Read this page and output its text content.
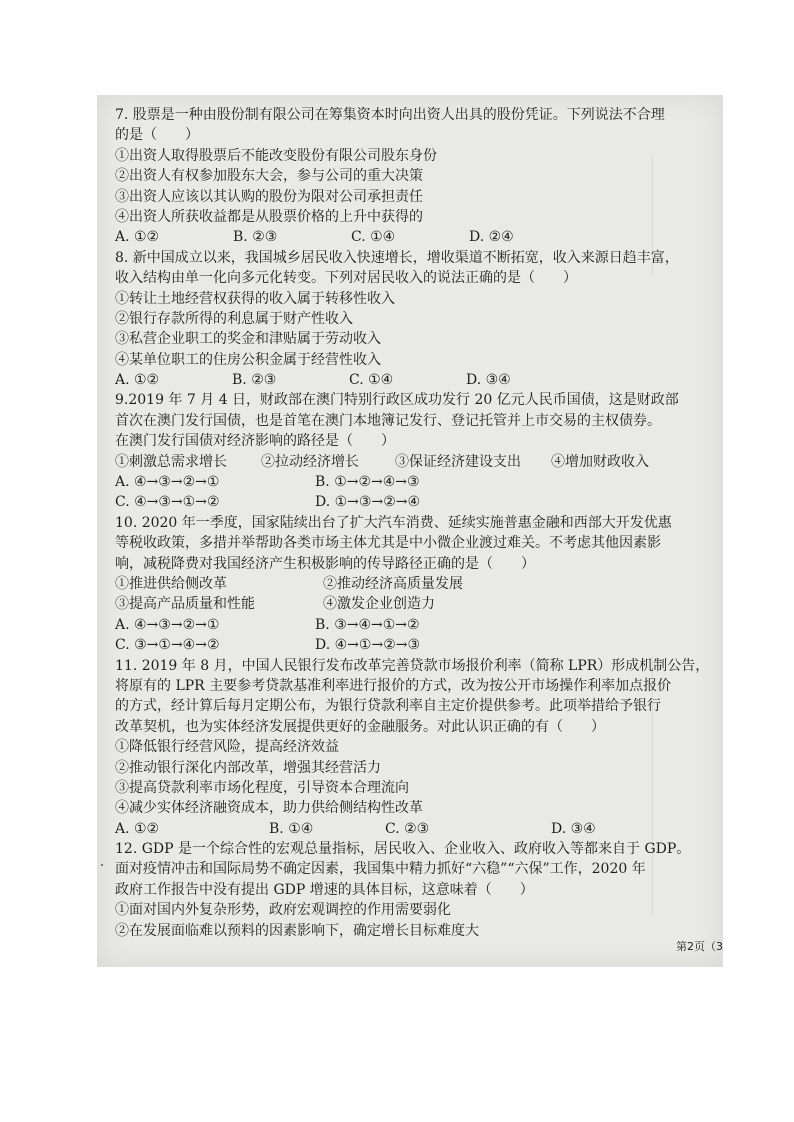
7. 股票是一种由股份制有限公司在筹集资本时向出资人出具的股份凭证。下列说法不合理
的是（　　）
①出资人取得股票后不能改变股份有限公司股东身份
②出资人有权参加股东大会，参与公司的重大决策
③出资人应该以其认购的股份为限对公司承担责任
④出资人所获收益都是从股票价格的上升中获得的
A. ①②	B. ②③	C. ①④	D. ②④
8. 新中国成立以来，我国城乡居民收入快速增长，增收渠道不断拓宽，收入来源日趋丰富，
收入结构由单一化向多元化转变。下列对居民收入的说法正确的是（　　）
①转让土地经营权获得的收入属于转移性收入
②银行存款所得的利息属于财产性收入
③私营企业职工的奖金和津贴属于劳动收入
④某单位职工的住房公积金属于经营性收入
A. ①②	B. ②③	C. ①④	D. ③④
9.2019 年 7 月 4 日，财政部在澳门特别行政区成功发行 20 亿元人民币国债，这是财政部
首次在澳门发行国债，也是首笔在澳门本地簿记发行、登记托管并上市交易的主权债券。
在澳门发行国债对经济影响的路径是（　　）
①刺激总需求增长	②拉动经济增长	③保证经济建设支出	④增加财政收入
A. ④→③→②→①	B. ①→②→④→③
C. ④→③→①→②	D. ①→③→②→④
10. 2020 年一季度，国家陆续出台了扩大汽车消费、延续实施普惠金融和西部大开发优惠
等税收政策，多措并举帮助各类市场主体尤其是中小微企业渡过难关。不考虑其他因素影
响，减税降费对我国经济产生积极影响的传导路径正确的是（　　）
①推进供给侧改革	②推动经济高质量发展
③提高产品质量和性能	④激发企业创造力
A. ④→③→②→①	B. ③→④→①→②
C. ③→①→④→②	D. ④→①→②→③
11. 2019 年 8 月，中国人民银行发布改革完善贷款市场报价利率（简称 LPR）形成机制公告，
将原有的 LPR 主要参考贷款基准利率进行报价的方式，改为按公开市场操作利率加点报价
的方式，经计算后每月定期公布，为银行贷款利率自主定价提供参考。此项举措给予银行
改革契机，也为实体经济发展提供更好的金融服务。对此认识正确的有（　　）
①降低银行经营风险，提高经济效益
②推动银行深化内部改革，增强其经营活力
③提高贷款利率市场化程度，引导资本合理流向
④减少实体经济融资成本，助力供给侧结构性改革
A. ①②	B. ①④	C. ②③	D. ③④
12. GDP 是一个综合性的宏观总量指标，居民收入、企业收入、政府收入等都来自于 GDP。
面对疫情冲击和国际局势不确定因素，我国集中精力抓好“六稳”“六保”工作，2020 年
政府工作报告中没有提出 GDP 增速的具体目标，这意味着（　　）
①面对国内外复杂形势，政府宏观调控的作用需要弱化
②在发展面临难以预料的因素影响下，确定增长目标难度大
第2页（3
